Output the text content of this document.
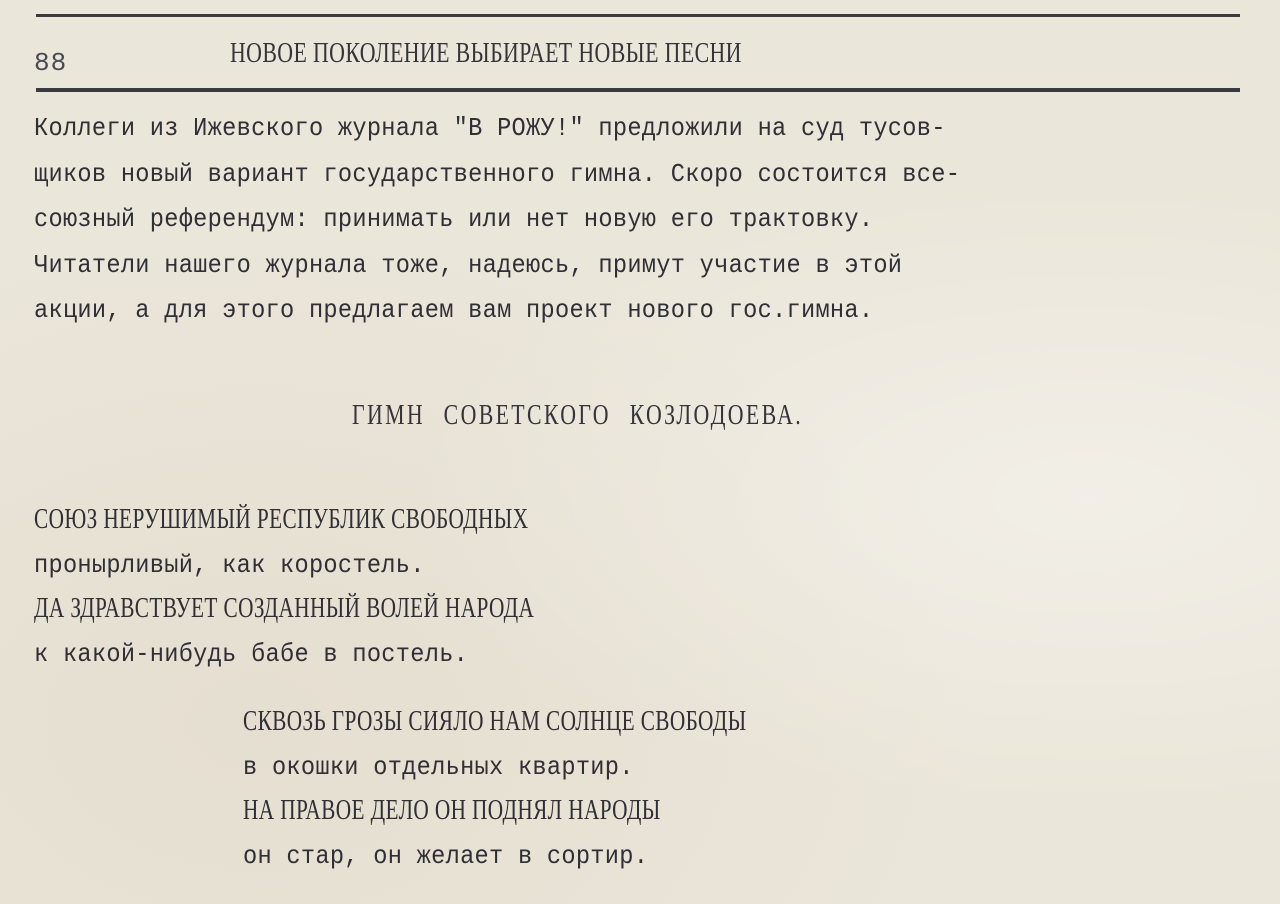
88	НОВОЕ ПОКОЛЕНИЕ ВЫБИРАЕТ НОВЫЕ ПЕСНИ
Коллеги из Ижевского журнала "В РОЖУ!" предложили на суд тусов-
щиков новый вариант государственного гимна. Скоро состоится все-
союзный референдум: принимать или нет новую его трактовку.
Читатели нашего журнала тоже, надеюсь, примут участие в этой
акции, а для этого предлагаем вам проект нового гос.гимна.
ГИМН СОВЕТСКОГО КОЗЛОДОЕВА.
СОЮЗ НЕРУШИМЫЙ РЕСПУБЛИК СВОБОДНЫХ
пронырливый, как коростель.
ДА ЗДРАВСТВУЕТ СОЗДАННЫЙ ВОЛЕЙ НАРОДА
к какой-нибудь бабе в постель.
СКВОЗЬ ГРОЗЫ СИЯЛО НАМ СОЛНЦЕ СВОБОДЫ
в окошки отдельных квартир.
НА ПРАВОЕ ДЕЛО ОН ПОДНЯЛ НАРОДЫ
он стар, он желает в сортир.
